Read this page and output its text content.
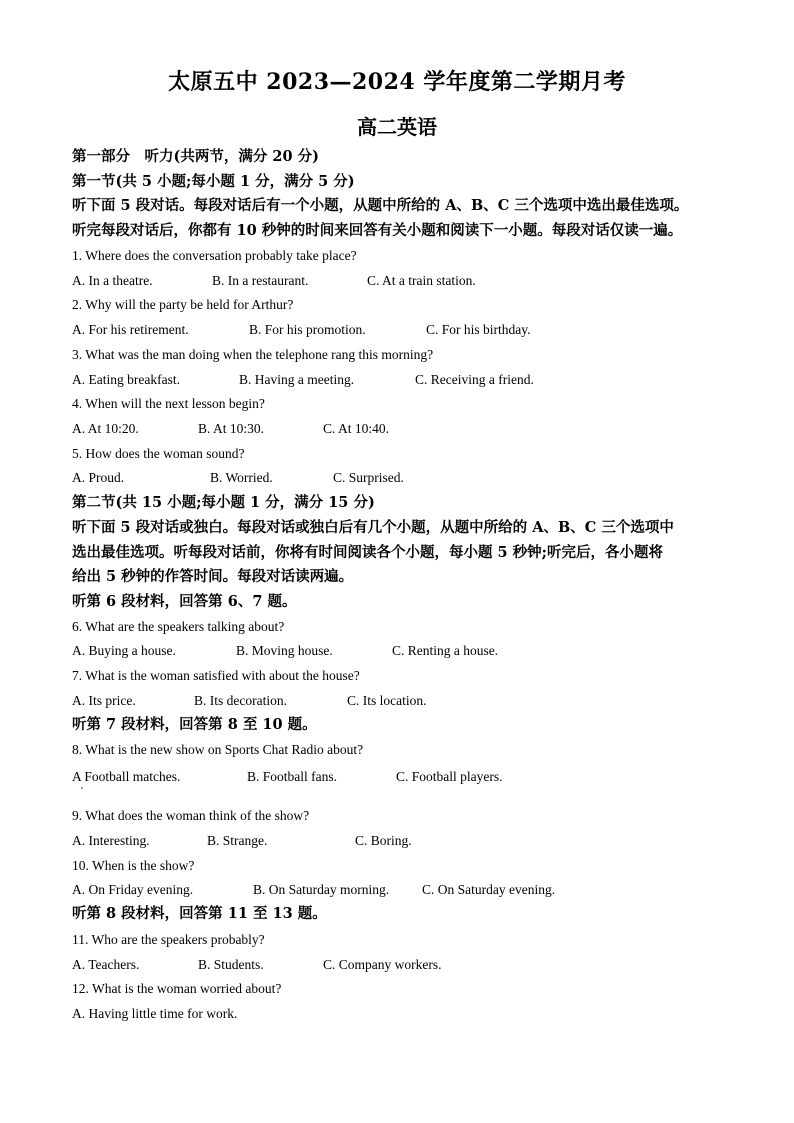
太原五中 2023—2024 学年度第二学期月考
高二英语
第一部分　听力(共两节，满分 20 分)
第一节(共 5 小题;每小题 1 分，满分 5 分)
听下面 5 段对话。每段对话后有一个小题，从题中所给的 A、B、C 三个选项中选出最佳选项。
听完每段对话后，你都有 10 秒钟的时间来回答有关小题和阅读下一小题。每段对话仅读一遍。
1. Where does the conversation probably take place?
A. In a theatre.	B. In a restaurant.	C. At a train station.
2. Why will the party be held for Arthur?
A. For his retirement.	B. For his promotion.	C. For his birthday.
3. What was the man doing when the telephone rang this morning?
A. Eating breakfast.	B. Having a meeting.	C. Receiving a friend.
4. When will the next lesson begin?
A. At 10:20.	B. At 10:30.	C. At 10:40.
5. How does the woman sound?
A. Proud.	B. Worried.	C. Surprised.
第二节(共 15 小题;每小题 1 分，满分 15 分)
听下面 5 段对话或独白。每段对话或独白后有几个小题，从题中所给的 A、B、C 三个选项中
选出最佳选项。听每段对话前，你将有时间阅读各个小题，每小题 5 秒钟;听完后，各小题将
给出 5 秒钟的作答时间。每段对话读两遍。
听第 6 段材料，回答第 6、7 题。
6. What are the speakers talking about?
A. Buying a house.	B. Moving house.	C. Renting a house.
7. What is the woman satisfied with about the house?
A. Its price.	B. Its decoration.	C. Its location.
听第 7 段材料，回答第 8 至 10 题。
8. What is the new show on Sports Chat Radio about?
A Football matches.	B. Football fans.	C. Football players.
9. What does the woman think of the show?
A. Interesting.	B. Strange.	C. Boring.
10. When is the show?
A. On Friday evening.	B. On Saturday morning. C. On Saturday evening.
听第 8 段材料，回答第 11 至 13 题。
11. Who are the speakers probably?
A. Teachers.	B. Students.	C. Company workers.
12. What is the woman worried about?
A. Having little time for work.
